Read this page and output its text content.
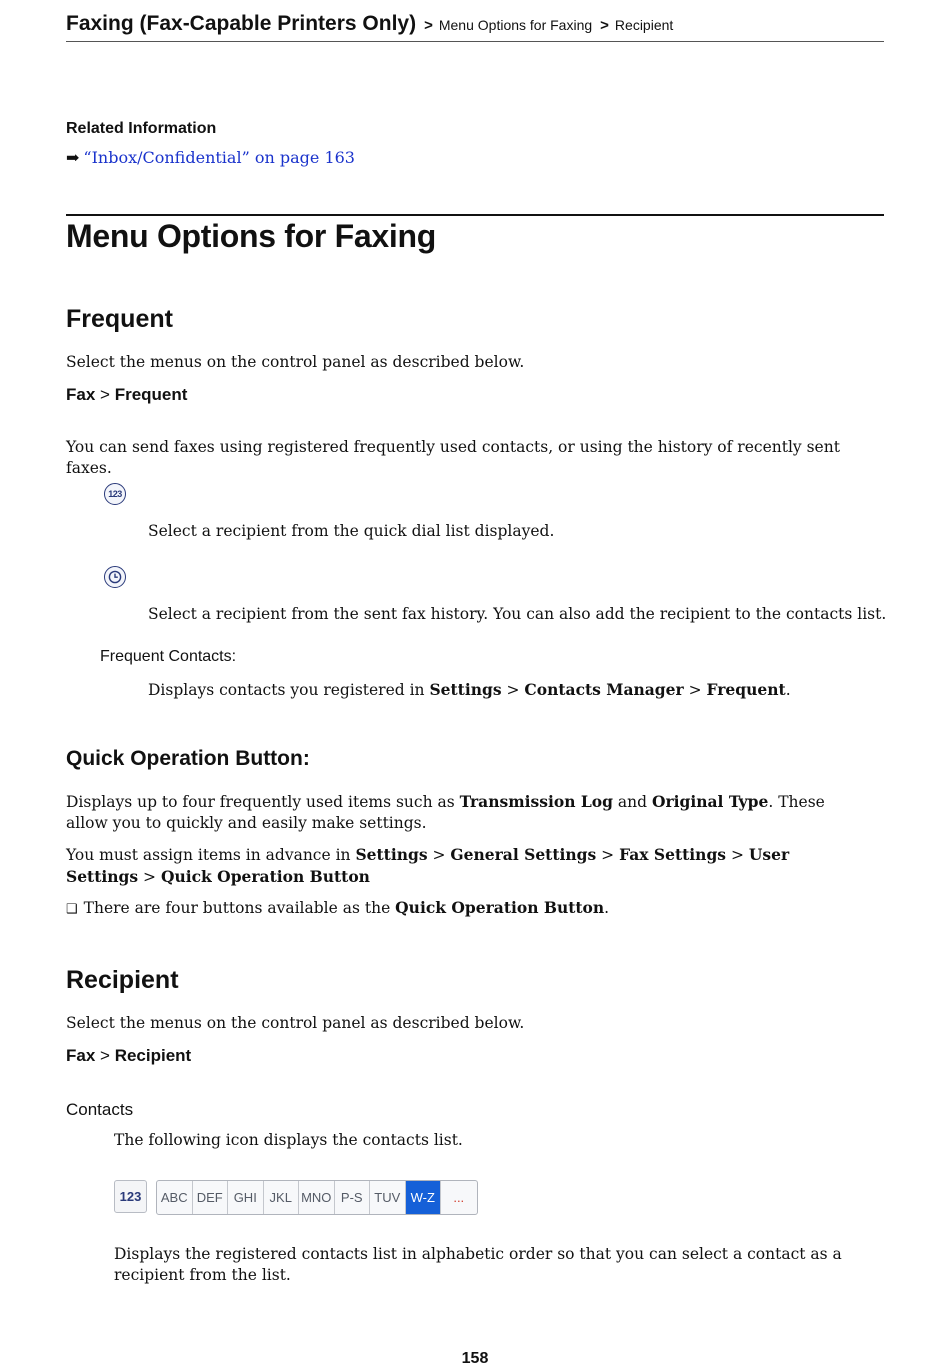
Faxing (Fax-Capable Printers Only) > Menu Options for Faxing > Recipient
Related Information
➡ “Inbox/Confidential” on page 163
Menu Options for Faxing
Frequent
Select the menus on the control panel as described below.
Fax > Frequent
You can send faxes using registered frequently used contacts, or using the history of recently sent faxes.
123
Select a recipient from the quick dial list displayed.
Select a recipient from the sent fax history. You can also add the recipient to the contacts list.
Frequent Contacts:
Displays contacts you registered in Settings > Contacts Manager > Frequent.
Quick Operation Button:
Displays up to four frequently used items such as Transmission Log and Original Type. These allow you to quickly and easily make settings.
You must assign items in advance in Settings > General Settings > Fax Settings > User Settings > Quick Operation Button
❑ There are four buttons available as the Quick Operation Button.
Recipient
Select the menus on the control panel as described below.
Fax > Recipient
Contacts
The following icon displays the contacts list.
123	ABC DEF GHI JKL MNO P-S TUV W-Z	...
Displays the registered contacts list in alphabetic order so that you can select a contact as a recipient from the list.
158
